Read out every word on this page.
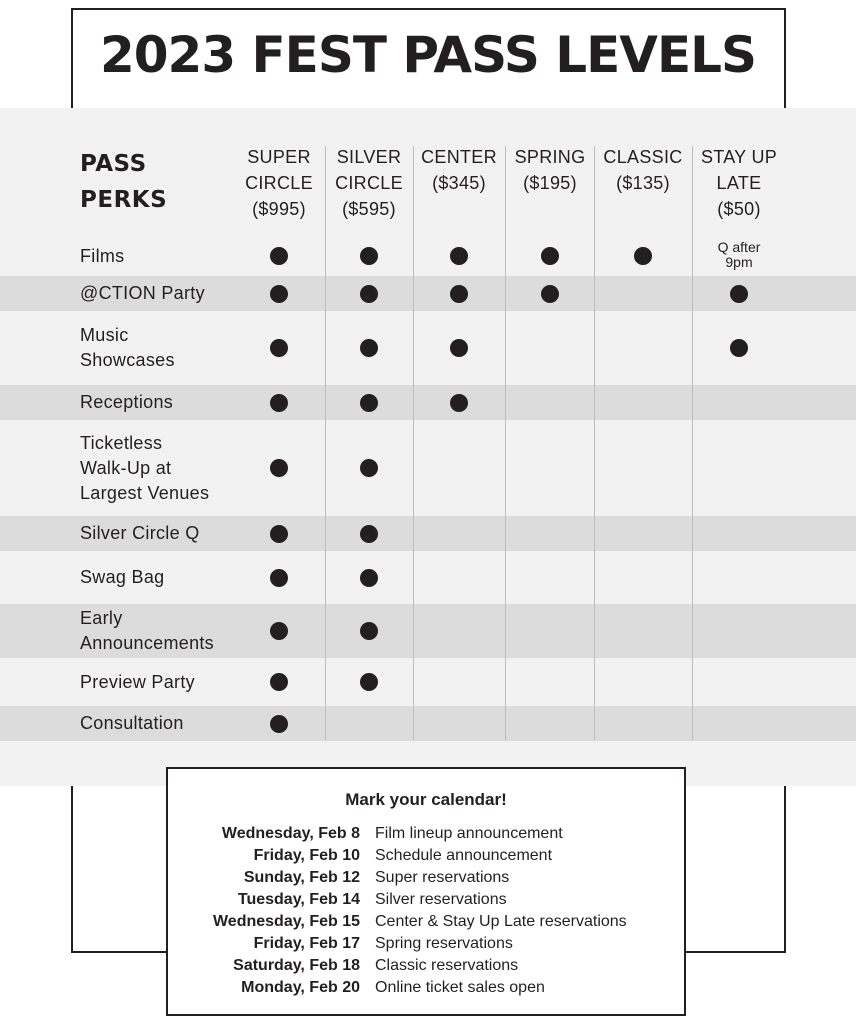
2023 FEST PASS LEVELS
PASS
PERKS
SUPER
CIRCLE
($995)
SILVER
CIRCLE
($595)
CENTER
($345)
SPRING
($195)
CLASSIC
($135)
STAY UP
LATE
($50)
Films	Q after
9pm
@CTION Party
Music
Showcases
Receptions
Ticketless
Walk-Up at
Largest Venues
Silver Circle Q
Swag Bag
Early
Announcements
Preview Party
Consultation
Mark your calendar!
Wednesday, Feb 8 Film lineup announcement
Friday, Feb 10 Schedule announcement
Sunday, Feb 12 Super reservations
Tuesday, Feb 14 Silver reservations
Wednesday, Feb 15 Center & Stay Up Late reservations
Friday, Feb 17 Spring reservations
Saturday, Feb 18 Classic reservations
Monday, Feb 20 Online ticket sales open
